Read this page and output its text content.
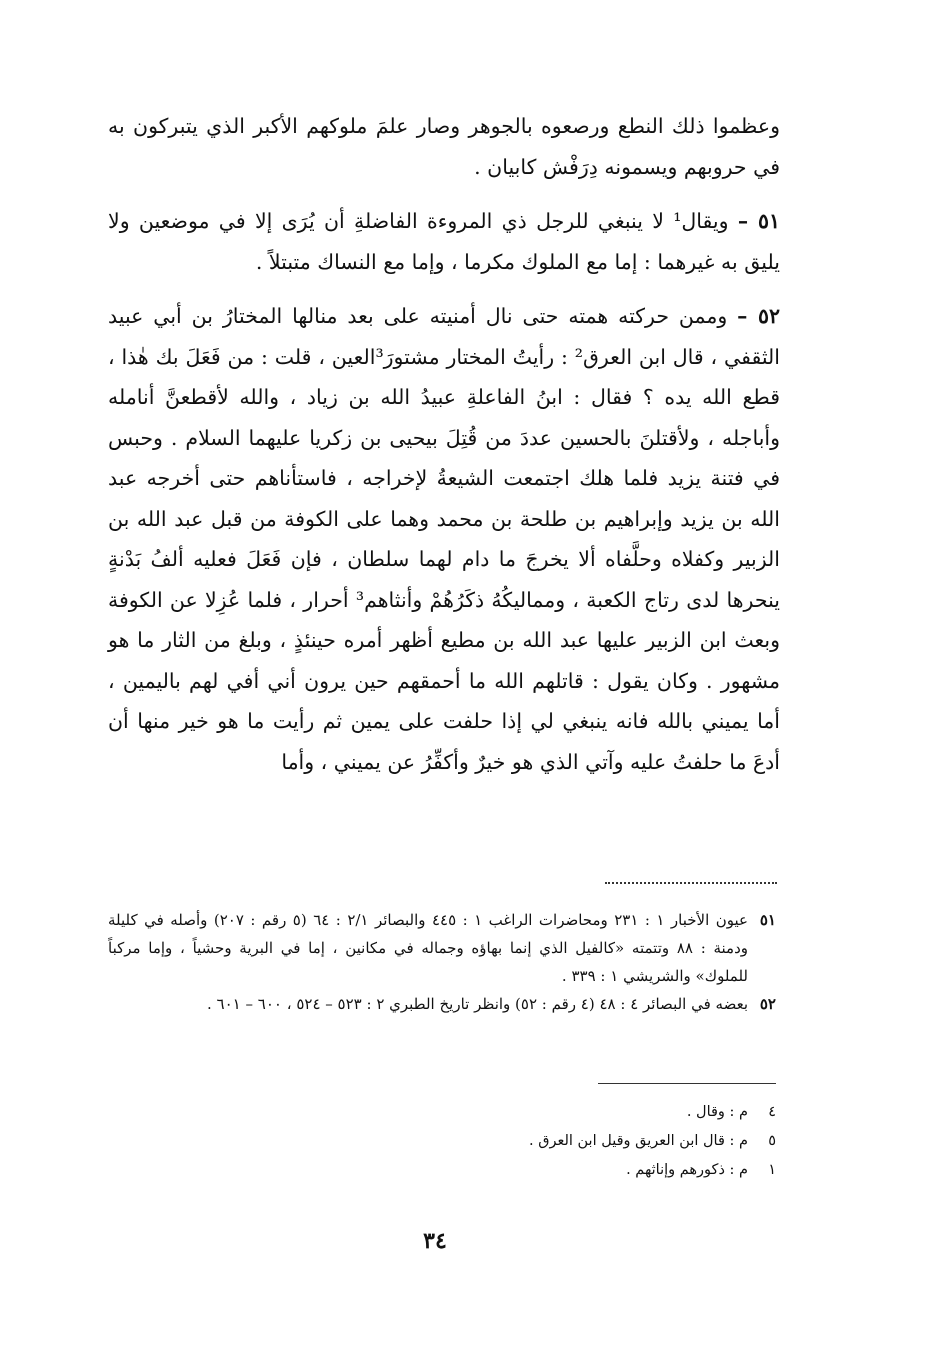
وعظموا ذلك النطع ورصعوه بالجوهر وصار علمَ ملوكهم الأكبر الذي يتبركون به في حروبهم ويسمونه دِرَفْش كابيان .

٥١ – ويقال¹ لا ينبغي للرجل ذي المروءة الفاضلةِ أن يُرَى إلا في موضعين ولا يليق به غيرهما : إما مع الملوك مكرما ، وإما مع النساك متبتلاً .

٥٢ – وممن حركته همته حتى نال أمنيته على بعد منالها المختارُ بن أبي عبيد الثقفي ، قال ابن العرق² : رأيتُ المختار مشتورَ³العين ، قلت : من فَعَلَ بك هٰذا ، قطع الله يده ؟ فقال : ابنُ الفاعلةِ عبيدُ الله بن زياد ، والله لأقطعنَّ أنامله وأباجله ، ولأقتلنَ بالحسين عددَ من قُتِلَ بيحيى بن زكريا عليهما السلام . وحبس في فتنة يزيد فلما هلك اجتمعت الشيعةُ لإخراجه ، فاستأناهم حتى أخرجه عبد الله بن يزيد وإبراهيم بن طلحة بن محمد وهما على الكوفة من قبل عبد الله بن الزبير وكفلاه وحلَّفاه ألا يخرجَ ما دام لهما سلطان ، فإن فَعَلَ فعليه ألفُ بَدْنةٍ ينحرها لدى رتاج الكعبة ، ومماليكُهُ ذكَرُهُمْ وأنثاهم³ أحرار ، فلما عُزِلا عن الكوفة وبعث ابن الزبير عليها عبد الله بن مطيع أظهر أمره حينئذٍ ، وبلغ من الثار ما هو مشهور . وكان يقول : قاتلهم الله ما أحمقهم حين يرون أني أفي لهم باليمين ، أما يميني بالله فانه ينبغي لي إذا حلفت على يمين ثم رأيت ما هو خير منها أن أدعَ ما حلفتُ عليه وآتي الذي هو خيرٌ وأكفِّرُ عن يميني ، وأما

٥١
عيون الأخبار ١ : ٢٣١ ومحاضرات الراغب ١ : ٤٤٥ والبصائر ٢/١ : ٦٤ (٥ رقم : ٢٠٧) وأصله في كليلة ودمنة : ٨٨ وتتمته «كالفيل الذي إنما بهاؤه وجماله في مكانين ، إما في البرية وحشياً ، وإما مركباً للملوك» والشريشي ١ : ٣٣٩ .
٥٢
بعضه في البصائر ٤ : ٤٨ (٤ رقم : ٥٢) وانظر تاريخ الطبري ٢ : ٥٢٣ – ٥٢٤ ، ٦٠٠ – ٦٠١ .
٤
م : وقال .
٥
م : قال ابن العريق وقيل ابن العرق .
١
م : ذكورهم وإناثهم .
٣٤
